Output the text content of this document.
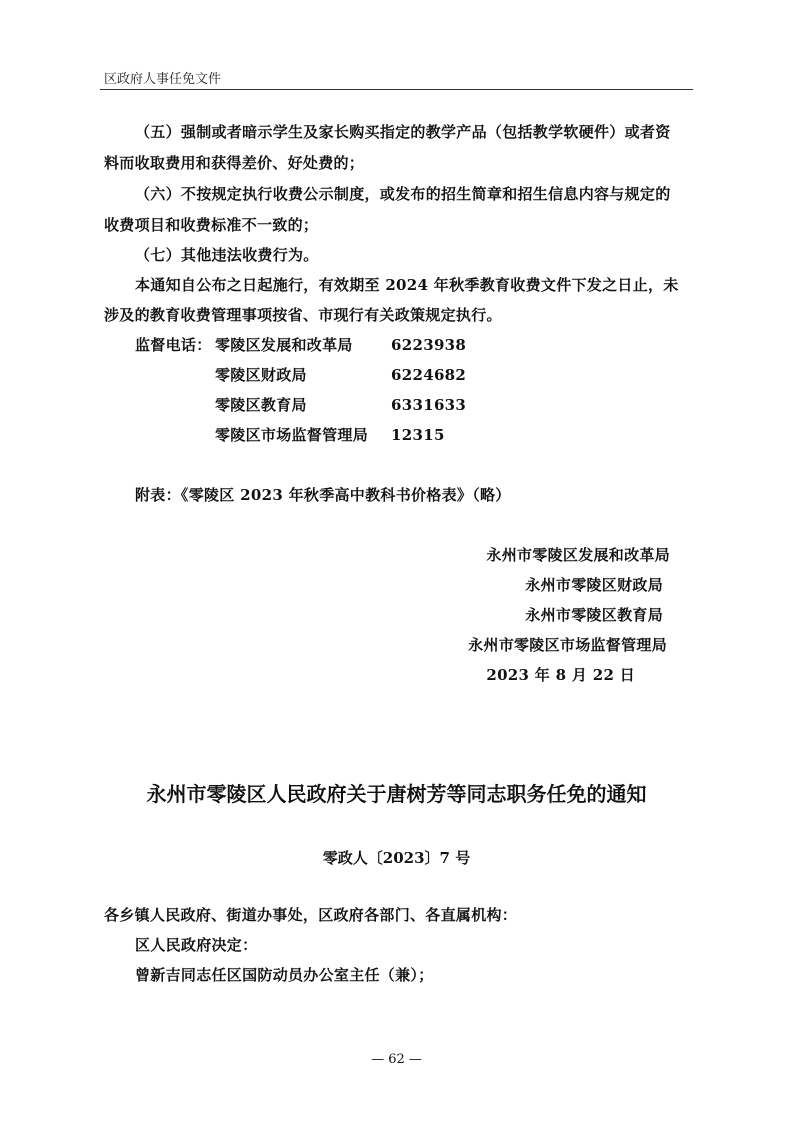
区政府人事任免文件
（五）强制或者暗示学生及家长购买指定的教学产品（包括教学软硬件）或者资
料而收取费用和获得差价、好处费的；
（六）不按规定执行收费公示制度，或发布的招生简章和招生信息内容与规定的
收费项目和收费标准不一致的；
（七）其他违法收费行为。
本通知自公布之日起施行，有效期至 2024 年秋季教育收费文件下发之日止，未
涉及的教育收费管理事项按省、市现行有关政策规定执行。
监督电话： 零陵区发展和改革局	6223938
零陵区财政局	6224682
零陵区教育局	6331633
零陵区市场监督管理局 12315
附表：《零陵区 2023 年秋季高中教科书价格表》（略）
永州市零陵区发展和改革局
永州市零陵区财政局
永州市零陵区教育局
永州市零陵区市场监督管理局
2023 年 8 月 22 日
永州市零陵区人民政府关于唐树芳等同志职务任免的通知
零政人〔2023〕7 号
各乡镇人民政府、街道办事处，区政府各部门、各直属机构：
区人民政府决定：
曾新吉同志任区国防动员办公室主任（兼）；
— 62 —
